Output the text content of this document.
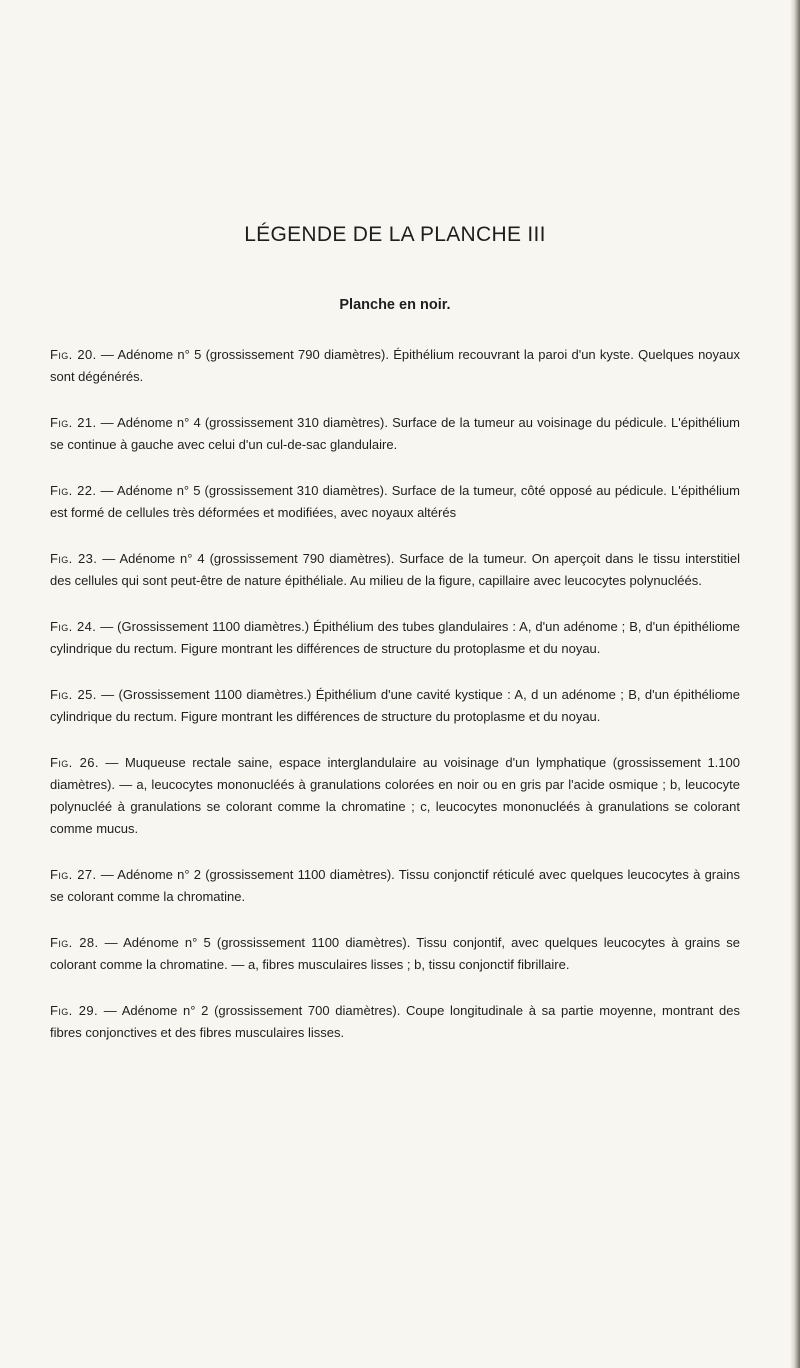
LÉGENDE DE LA PLANCHE III
Planche en noir.
Fig. 20. — Adénome n° 5 (grossissement 790 diamètres). Épithélium recouvrant la paroi d'un kyste. Quelques noyaux sont dégénérés.
Fig. 21. — Adénome n° 4 (grossissement 310 diamètres). Surface de la tumeur au voisinage du pédicule. L'épithélium se continue à gauche avec celui d'un cul-de-sac glandulaire.
Fig. 22. — Adénome n° 5 (grossissement 310 diamètres). Surface de la tumeur, côté opposé au pédicule. L'épithélium est formé de cellules très déformées et modifiées, avec noyaux altérés
Fig. 23. — Adénome n° 4 (grossissement 790 diamètres). Surface de la tumeur. On aperçoit dans le tissu interstitiel des cellules qui sont peut-être de nature épithéliale. Au milieu de la figure, capillaire avec leucocytes polynucléés.
Fig. 24. — (Grossissement 1100 diamètres.) Épithélium des tubes glandulaires : A, d'un adénome ; B, d'un épithéliome cylindrique du rectum. Figure montrant les différences de structure du protoplasme et du noyau.
Fig. 25. — (Grossissement 1100 diamètres.) Épithélium d'une cavité kystique : A, d un adénome ; B, d'un épithéliome cylindrique du rectum. Figure montrant les différences de structure du protoplasme et du noyau.
Fig. 26. — Muqueuse rectale saine, espace interglandulaire au voisinage d'un lymphatique (grossissement 1.100 diamètres). — a, leucocytes mononucléés à granulations colorées en noir ou en gris par l'acide osmique ; b, leucocyte polynucléé à granulations se colorant comme la chromatine ; c, leucocytes mononucléés à granulations se colorant comme mucus.
Fig. 27. — Adénome n° 2 (grossissement 1100 diamètres). Tissu conjonctif réticulé avec quelques leucocytes à grains se colorant comme la chromatine.
Fig. 28. — Adénome n° 5 (grossissement 1100 diamètres). Tissu conjontif, avec quelques leucocytes à grains se colorant comme la chromatine. — a, fibres musculaires lisses ; b, tissu conjonctif fibrillaire.
Fig. 29. — Adénome n° 2 (grossissement 700 diamètres). Coupe longitudinale à sa partie moyenne, montrant des fibres conjonctives et des fibres musculaires lisses.
